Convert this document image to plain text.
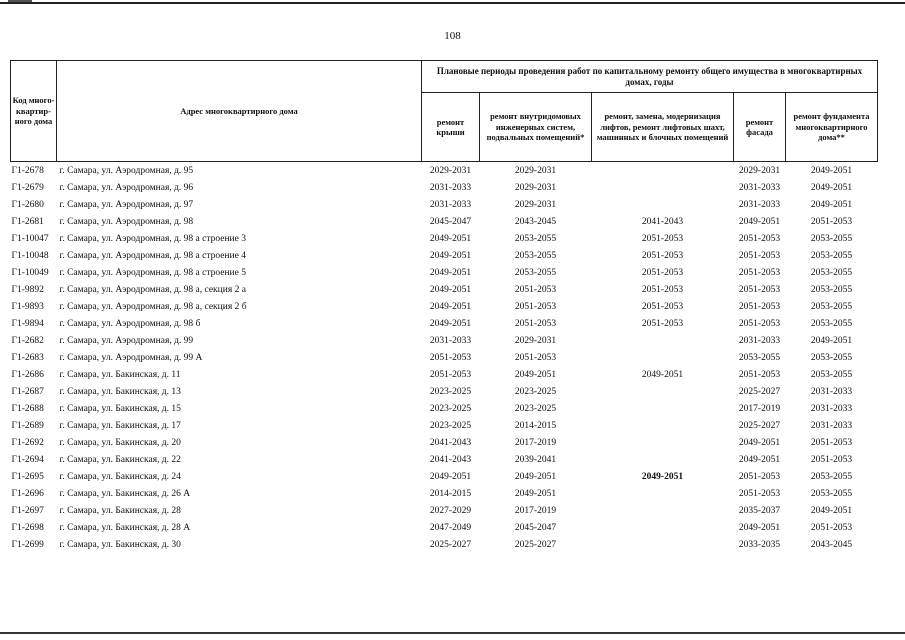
108
Код много-квартир-ного дома	Адрес многоквартирного дома	Плановые периоды проведения работ по капитальному ремонту общего имущества в многоквартирных домах, годы				
		ремонт крыши	ремонт внутридомовых инженерных систем, подвальных помещений*	ремонт, замена, модернизация лифтов, ремонт лифтовых шахт, машинных и блочных помещений	ремонт фасада	ремонт фундамента многоквартирного дома**
Г1-2678	г. Самара, ул. Аэродромная, д. 95	2029-2031	2029-2031		2029-2031	2049-2051
Г1-2679	г. Самара, ул. Аэродромная, д. 96	2031-2033	2029-2031		2031-2033	2049-2051
Г1-2680	г. Самара, ул. Аэродромная, д. 97	2031-2033	2029-2031		2031-2033	2049-2051
Г1-2681	г. Самара, ул. Аэродромная, д. 98	2045-2047	2043-2045	2041-2043	2049-2051	2051-2053
Г1-10047	г. Самара, ул. Аэродромная, д. 98 а строение 3	2049-2051	2053-2055	2051-2053	2051-2053	2053-2055
Г1-10048	г. Самара, ул. Аэродромная, д. 98 а строение 4	2049-2051	2053-2055	2051-2053	2051-2053	2053-2055
Г1-10049	г. Самара, ул. Аэродромная, д. 98 а строение 5	2049-2051	2053-2055	2051-2053	2051-2053	2053-2055
Г1-9892	г. Самара, ул. Аэродромная, д. 98 а, секция 2 а	2049-2051	2051-2053	2051-2053	2051-2053	2053-2055
Г1-9893	г. Самара, ул. Аэродромная, д. 98 а, секция 2 б	2049-2051	2051-2053	2051-2053	2051-2053	2053-2055
Г1-9894	г. Самара, ул. Аэродромная, д. 98 б	2049-2051	2051-2053	2051-2053	2051-2053	2053-2055
Г1-2682	г. Самара, ул. Аэродромная, д. 99	2031-2033	2029-2031		2031-2033	2049-2051
Г1-2683	г. Самара, ул. Аэродромная, д. 99 А	2051-2053	2051-2053		2053-2055	2053-2055
Г1-2686	г. Самара, ул. Бакинская, д. 11	2051-2053	2049-2051	2049-2051	2051-2053	2053-2055
Г1-2687	г. Самара, ул. Бакинская, д. 13	2023-2025	2023-2025		2025-2027	2031-2033
Г1-2688	г. Самара, ул. Бакинская, д. 15	2023-2025	2023-2025		2017-2019	2031-2033
Г1-2689	г. Самара, ул. Бакинская, д. 17	2023-2025	2014-2015		2025-2027	2031-2033
Г1-2692	г. Самара, ул. Бакинская, д. 20	2041-2043	2017-2019		2049-2051	2051-2053
Г1-2694	г. Самара, ул. Бакинская, д. 22	2041-2043	2039-2041		2049-2051	2051-2053
Г1-2695	г. Самара, ул. Бакинская, д. 24	2049-2051	2049-2051	2049-2051	2051-2053	2053-2055
Г1-2696	г. Самара, ул. Бакинская, д. 26 А	2014-2015	2049-2051		2051-2053	2053-2055
Г1-2697	г. Самара, ул. Бакинская, д. 28	2027-2029	2017-2019		2035-2037	2049-2051
Г1-2698	г. Самара, ул. Бакинская, д. 28 А	2047-2049	2045-2047		2049-2051	2051-2053
Г1-2699	г. Самара, ул. Бакинская, д. 30	2025-2027	2025-2027		2033-2035	2043-2045
